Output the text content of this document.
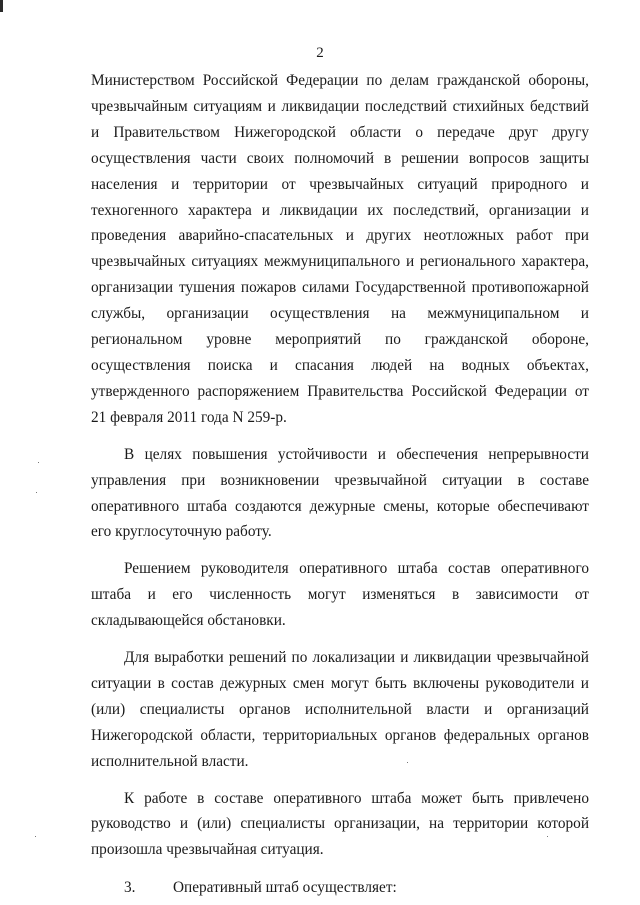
2
Министерством Российской Федерации по делам гражданской обороны,
чрезвычайным ситуациям и ликвидации последствий стихийных бедствий
и Правительством Нижегородской области о передаче друг другу
осуществления части своих полномочий в решении вопросов защиты
населения и территории от чрезвычайных ситуаций природного и
техногенного характера и ликвидации их последствий, организации и
проведения аварийно-спасательных и других неотложных работ при
чрезвычайных ситуациях межмуниципального и регионального характера,
организации тушения пожаров силами Государственной противопожарной
службы, организации осуществления на межмуниципальном и
региональном уровне мероприятий по гражданской обороне,
осуществления поиска и спасания людей на водных объектах,
утвержденного распоряжением Правительства Российской Федерации от
21 февраля 2011 года N 259-р.
В целях повышения устойчивости и обеспечения непрерывности
управления при возникновении чрезвычайной ситуации в составе
оперативного штаба создаются дежурные смены, которые обеспечивают
его круглосуточную работу.
Решением руководителя оперативного штаба состав оперативного
штаба и его численность могут изменяться в зависимости от
складывающейся обстановки.
Для выработки решений по локализации и ликвидации чрезвычайной
ситуации в состав дежурных смен могут быть включены руководители и
(или) специалисты органов исполнительной власти и организаций
Нижегородской области, территориальных органов федеральных органов
исполнительной власти.
К работе в составе оперативного штаба может быть привлечено
руководство и (или) специалисты организации, на территории которой
произошла чрезвычайная ситуация.
3.	Оперативный штаб осуществляет:
